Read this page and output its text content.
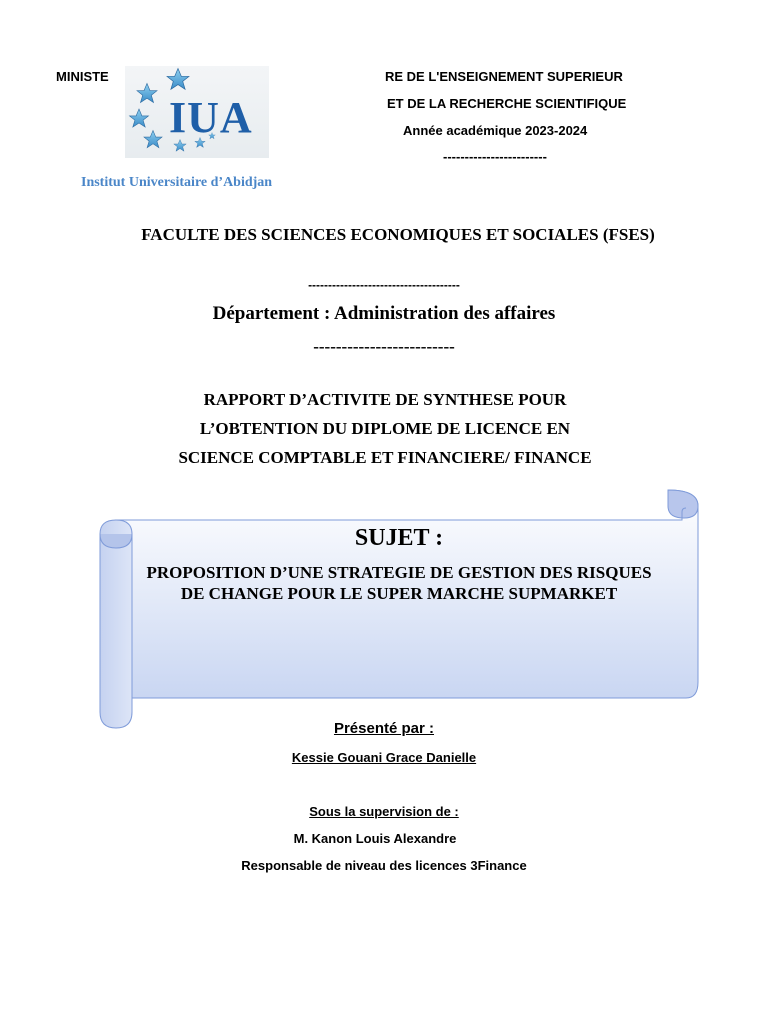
MINISTE	RE DE L'ENSEIGNEMENT SUPERIEUR
ET DE LA RECHERCHE SCIENTIFIQUE
Année académique 2023-2024
------------------------
IUA
Institut Universitaire d’Abidjan
FACULTE DES SCIENCES ECONOMIQUES ET SOCIALES (FSES)
--------------------------------------
Département : Administration des affaires
-------------------------
RAPPORT D’ACTIVITE DE SYNTHESE POUR
L’OBTENTION DU DIPLOME DE LICENCE EN
SCIENCE COMPTABLE ET FINANCIERE/ FINANCE
SUJET :
PROPOSITION D’UNE STRATEGIE DE GESTION DES RISQUES DE CHANGE POUR LE SUPER MARCHE SUPMARKET
Présenté par :
Kessie Gouani Grace Danielle
Sous la supervision de :
M. Kanon Louis Alexandre
Responsable de niveau des licences 3Finance
